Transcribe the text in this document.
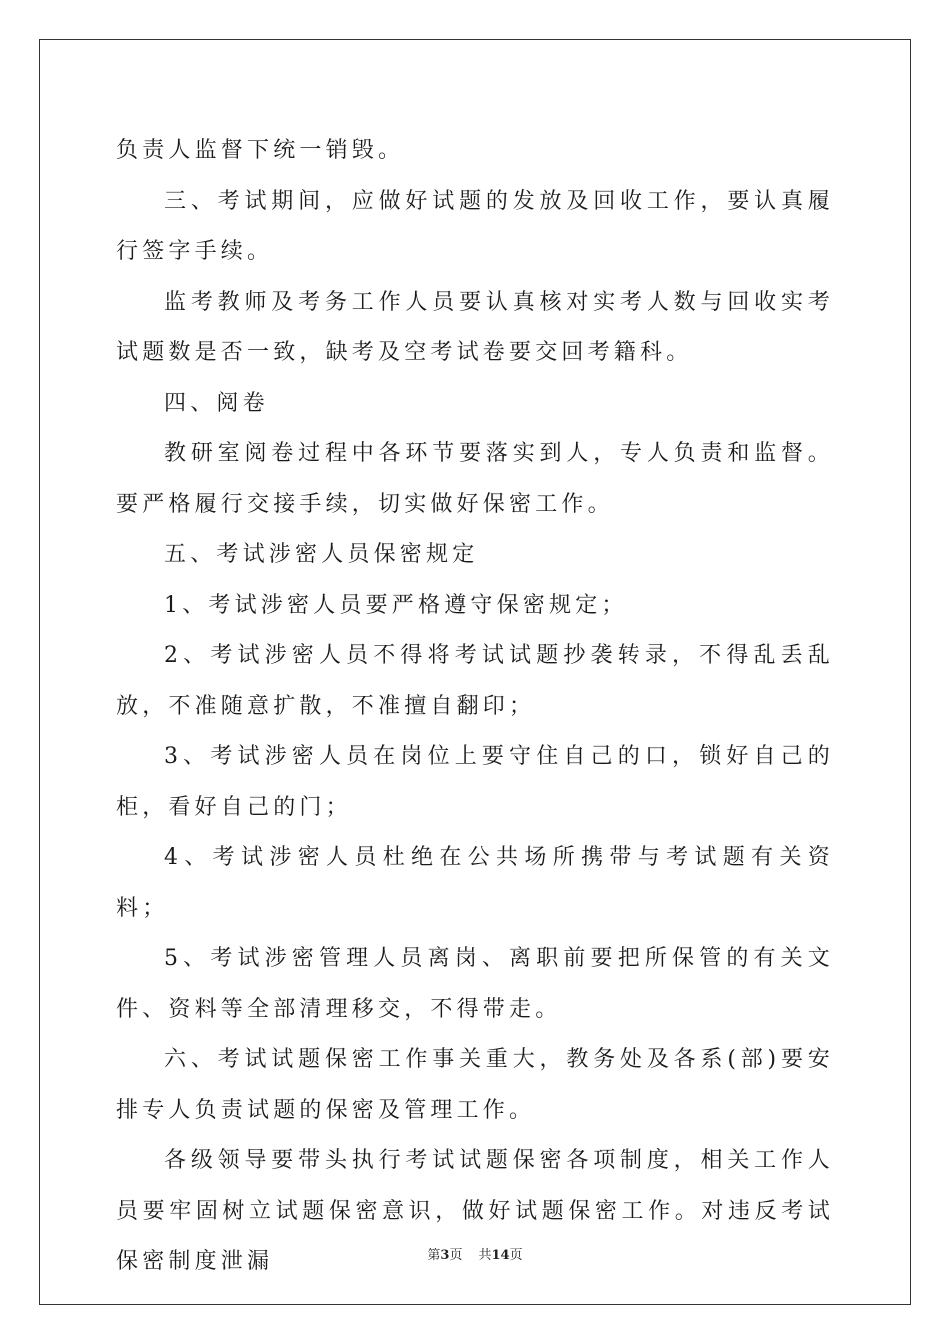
负责人监督下统一销毁。

三、考试期间，应做好试题的发放及回收工作，要认真履行签字手续。

监考教师及考务工作人员要认真核对实考人数与回收实考试题数是否一致，缺考及空考试卷要交回考籍科。

四、阅卷

教研室阅卷过程中各环节要落实到人，专人负责和监督。要严格履行交接手续，切实做好保密工作。

五、考试涉密人员保密规定

1、考试涉密人员要严格遵守保密规定；

2、考试涉密人员不得将考试试题抄袭转录，不得乱丢乱放，不准随意扩散，不准擅自翻印；

3、考试涉密人员在岗位上要守住自己的口，锁好自己的柜，看好自己的门；

4、考试涉密人员杜绝在公共场所携带与考试题有关资料；

5、考试涉密管理人员离岗、离职前要把所保管的有关文件、资料等全部清理移交，不得带走。

六、考试试题保密工作事关重大，教务处及各系(部)要安排专人负责试题的保密及管理工作。

各级领导要带头执行考试试题保密各项制度，相关工作人员要牢固树立试题保密意识，做好试题保密工作。对违反考试保密制度泄漏	第3页 共14页
